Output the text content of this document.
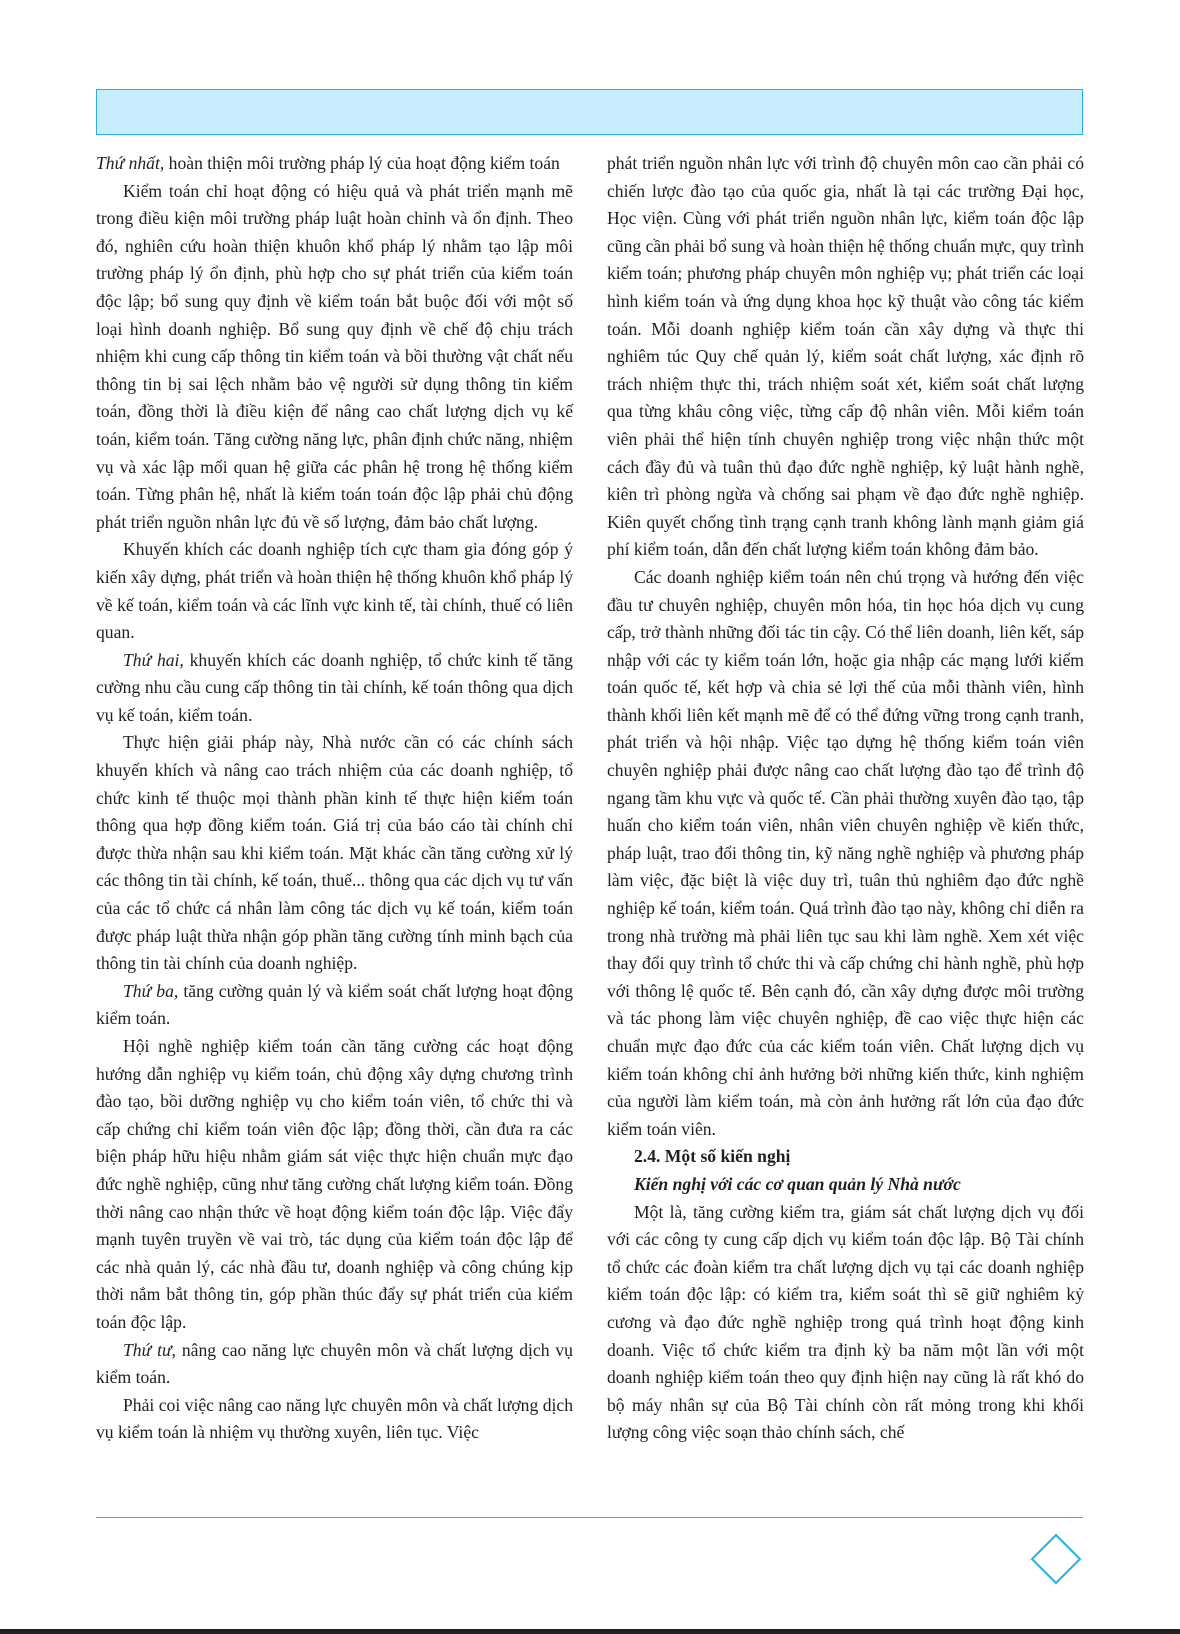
Thứ nhất, hoàn thiện môi trường pháp lý của hoạt động kiểm toán

Kiểm toán chỉ hoạt động có hiệu quả và phát triển mạnh mẽ trong điều kiện môi trường pháp luật hoàn chỉnh và ổn định. Theo đó, nghiên cứu hoàn thiện khuôn khổ pháp lý nhằm tạo lập môi trường pháp lý ổn định, phù hợp cho sự phát triển của kiểm toán độc lập; bổ sung quy định về kiểm toán bắt buộc đối với một số loại hình doanh nghiệp. Bổ sung quy định về chế độ chịu trách nhiệm khi cung cấp thông tin kiểm toán và bồi thường vật chất nếu thông tin bị sai lệch nhằm bảo vệ người sử dụng thông tin kiểm toán, đồng thời là điều kiện để nâng cao chất lượng dịch vụ kế toán, kiểm toán. Tăng cường năng lực, phân định chức năng, nhiệm vụ và xác lập mối quan hệ giữa các phân hệ trong hệ thống kiểm toán. Từng phân hệ, nhất là kiểm toán toán độc lập phải chủ động phát triển nguồn nhân lực đủ về số lượng, đảm bảo chất lượng.

Khuyến khích các doanh nghiệp tích cực tham gia đóng góp ý kiến xây dựng, phát triển và hoàn thiện hệ thống khuôn khổ pháp lý về kế toán, kiểm toán và các lĩnh vực kinh tế, tài chính, thuế có liên quan.

Thứ hai, khuyến khích các doanh nghiệp, tổ chức kinh tế tăng cường nhu cầu cung cấp thông tin tài chính, kế toán thông qua dịch vụ kế toán, kiểm toán.

Thực hiện giải pháp này, Nhà nước cần có các chính sách khuyến khích và nâng cao trách nhiệm của các doanh nghiệp, tổ chức kinh tế thuộc mọi thành phần kinh tế thực hiện kiểm toán thông qua hợp đồng kiểm toán. Giá trị của báo cáo tài chính chỉ được thừa nhận sau khi kiểm toán. Mặt khác cần tăng cường xử lý các thông tin tài chính, kế toán, thuế... thông qua các dịch vụ tư vấn của các tổ chức cá nhân làm công tác dịch vụ kế toán, kiểm toán được pháp luật thừa nhận góp phần tăng cường tính minh bạch của thông tin tài chính của doanh nghiệp.

Thứ ba, tăng cường quản lý và kiểm soát chất lượng hoạt động kiểm toán.

Hội nghề nghiệp kiểm toán cần tăng cường các hoạt động hướng dẫn nghiệp vụ kiểm toán, chủ động xây dựng chương trình đào tạo, bồi dưỡng nghiệp vụ cho kiểm toán viên, tổ chức thi và cấp chứng chỉ kiểm toán viên độc lập; đồng thời, cần đưa ra các biện pháp hữu hiệu nhằm giám sát việc thực hiện chuẩn mực đạo đức nghề nghiệp, cũng như tăng cường chất lượng kiểm toán. Đồng thời nâng cao nhận thức về hoạt động kiểm toán độc lập. Việc đẩy mạnh tuyên truyền về vai trò, tác dụng của kiểm toán độc lập để các nhà quản lý, các nhà đầu tư, doanh nghiệp và công chúng kịp thời nắm bắt thông tin, góp phần thúc đẩy sự phát triển của kiểm toán độc lập.

Thứ tư, nâng cao năng lực chuyên môn và chất lượng dịch vụ kiểm toán.

Phải coi việc nâng cao năng lực chuyên môn và chất lượng dịch vụ kiểm toán là nhiệm vụ thường xuyên, liên tục. Việc

phát triển nguồn nhân lực với trình độ chuyên môn cao cần phải có chiến lược đào tạo của quốc gia, nhất là tại các trường Đại học, Học viện. Cùng với phát triển nguồn nhân lực, kiểm toán độc lập cũng cần phải bổ sung và hoàn thiện hệ thống chuẩn mực, quy trình kiểm toán; phương pháp chuyên môn nghiệp vụ; phát triển các loại hình kiểm toán và ứng dụng khoa học kỹ thuật vào công tác kiểm toán. Mỗi doanh nghiệp kiểm toán cần xây dựng và thực thi nghiêm túc Quy chế quản lý, kiểm soát chất lượng, xác định rõ trách nhiệm thực thi, trách nhiệm soát xét, kiểm soát chất lượng qua từng khâu công việc, từng cấp độ nhân viên. Mỗi kiểm toán viên phải thể hiện tính chuyên nghiệp trong việc nhận thức một cách đầy đủ và tuân thủ đạo đức nghề nghiệp, kỷ luật hành nghề, kiên trì phòng ngừa và chống sai phạm về đạo đức nghề nghiệp. Kiên quyết chống tình trạng cạnh tranh không lành mạnh giảm giá phí kiểm toán, dẫn đến chất lượng kiểm toán không đảm bảo.

Các doanh nghiệp kiểm toán nên chú trọng và hướng đến việc đầu tư chuyên nghiệp, chuyên môn hóa, tin học hóa dịch vụ cung cấp, trở thành những đối tác tin cậy. Có thể liên doanh, liên kết, sáp nhập với các ty kiểm toán lớn, hoặc gia nhập các mạng lưới kiểm toán quốc tế, kết hợp và chia sẻ lợi thế của mỗi thành viên, hình thành khối liên kết mạnh mẽ để có thể đứng vững trong cạnh tranh, phát triển và hội nhập. Việc tạo dựng hệ thống kiểm toán viên chuyên nghiệp phải được nâng cao chất lượng đào tạo để trình độ ngang tầm khu vực và quốc tế. Cần phải thường xuyên đào tạo, tập huấn cho kiểm toán viên, nhân viên chuyên nghiệp về kiến thức, pháp luật, trao đổi thông tin, kỹ năng nghề nghiệp và phương pháp làm việc, đặc biệt là việc duy trì, tuân thủ nghiêm đạo đức nghề nghiệp kế toán, kiểm toán. Quá trình đào tạo này, không chỉ diễn ra trong nhà trường mà phải liên tục sau khi làm nghề. Xem xét việc thay đổi quy trình tổ chức thi và cấp chứng chỉ hành nghề, phù hợp với thông lệ quốc tế. Bên cạnh đó, cần xây dựng được môi trường và tác phong làm việc chuyên nghiệp, đề cao việc thực hiện các chuẩn mực đạo đức của các kiểm toán viên. Chất lượng dịch vụ kiểm toán không chỉ ảnh hưởng bởi những kiến thức, kinh nghiệm của người làm kiểm toán, mà còn ảnh hưởng rất lớn của đạo đức kiểm toán viên.

2.4. Một số kiến nghị

Kiến nghị với các cơ quan quản lý Nhà nước

Một là, tăng cường kiểm tra, giám sát chất lượng dịch vụ đối với các công ty cung cấp dịch vụ kiểm toán độc lập. Bộ Tài chính tổ chức các đoàn kiểm tra chất lượng dịch vụ tại các doanh nghiệp kiểm toán độc lập: có kiểm tra, kiểm soát thì sẽ giữ nghiêm kỷ cương và đạo đức nghề nghiệp trong quá trình hoạt động kinh doanh. Việc tổ chức kiểm tra định kỳ ba năm một lần với một doanh nghiệp kiểm toán theo quy định hiện nay cũng là rất khó do bộ máy nhân sự của Bộ Tài chính còn rất mỏng trong khi khối lượng công việc soạn thảo chính sách, chế
